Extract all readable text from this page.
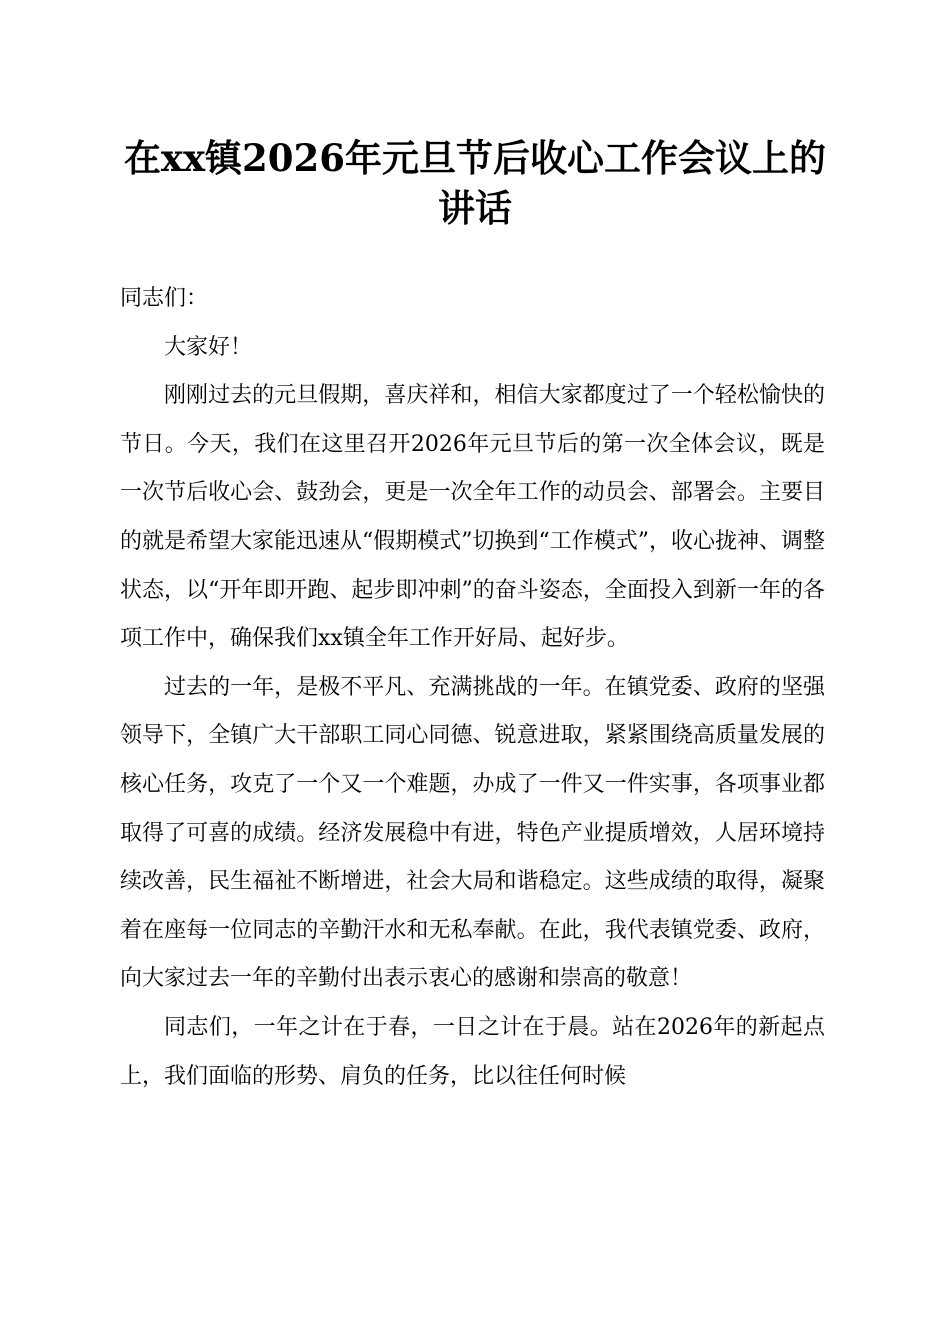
在xx镇2026年元旦节后收心工作会议上的讲话

同志们：

大家好！

刚刚过去的元旦假期，喜庆祥和，相信大家都度过了一个轻松愉快的节日。今天，我们在这里召开2026年元旦节后的第一次全体会议，既是一次节后收心会、鼓劲会，更是一次全年工作的动员会、部署会。主要目的就是希望大家能迅速从“假期模式”切换到“工作模式”，收心拢神、调整状态，以“开年即开跑、起步即冲刺”的奋斗姿态，全面投入到新一年的各项工作中，确保我们xx镇全年工作开好局、起好步。

过去的一年，是极不平凡、充满挑战的一年。在镇党委、政府的坚强领导下，全镇广大干部职工同心同德、锐意进取，紧紧围绕高质量发展的核心任务，攻克了一个又一个难题，办成了一件又一件实事，各项事业都取得了可喜的成绩。经济发展稳中有进，特色产业提质增效，人居环境持续改善，民生福祉不断增进，社会大局和谐稳定。这些成绩的取得，凝聚着在座每一位同志的辛勤汗水和无私奉献。在此，我代表镇党委、政府，向大家过去一年的辛勤付出表示衷心的感谢和崇高的敬意！

同志们，一年之计在于春，一日之计在于晨。站在2026年的新起点上，我们面临的形势、肩负的任务，比以往任何时候
